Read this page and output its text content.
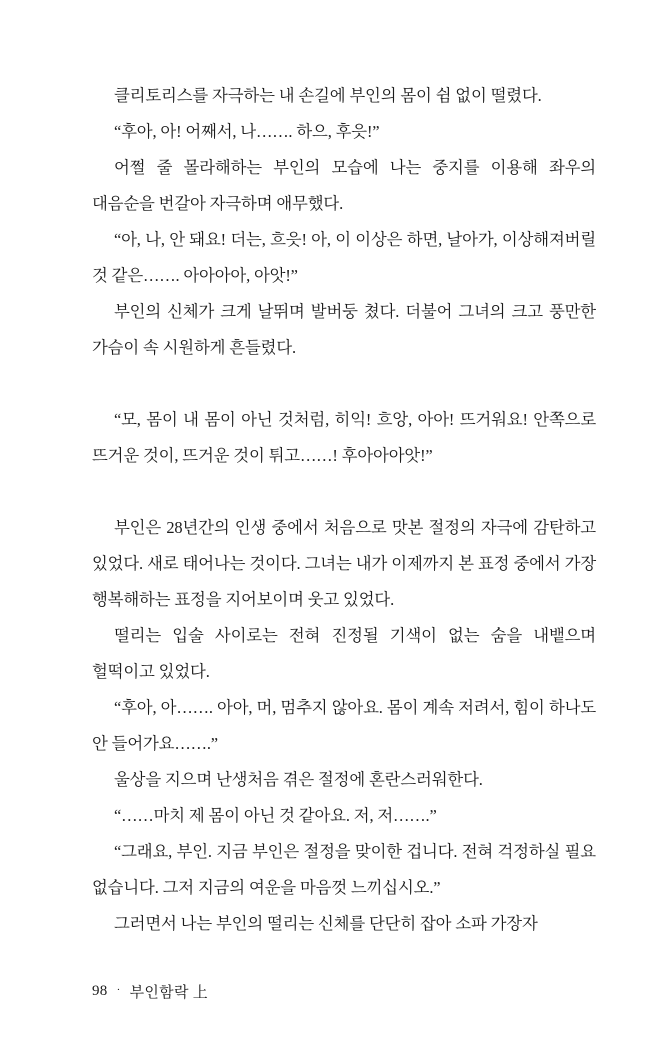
클리토리스를 자극하는 내 손길에 부인의 몸이 쉼 없이 떨렸다.

“후아, 아! 어째서, 나……. 하으, 후읏!”

어쩔 줄 몰라해하는 부인의 모습에 나는 중지를 이용해 좌우의 대음순을 번갈아 자극하며 애무했다.

“아, 나, 안 돼요! 더는, 흐읏! 아, 이 이상은 하면, 날아가, 이상해져버릴 것 같은……. 아아아아, 아앗!”

부인의 신체가 크게 날뛰며 발버둥 쳤다. 더불어 그녀의 크고 풍만한 가슴이 속 시원하게 흔들렸다.

“모, 몸이 내 몸이 아닌 것처럼, 히익! 흐앙, 아아! 뜨거워요! 안쪽으로 뜨거운 것이, 뜨거운 것이 튀고……! 후아아아앗!”

부인은 28년간의 인생 중에서 처음으로 맛본 절정의 자극에 감탄하고 있었다. 새로 태어나는 것이다. 그녀는 내가 이제까지 본 표정 중에서 가장 행복해하는 표정을 지어보이며 웃고 있었다.

떨리는 입술 사이로는 전혀 진정될 기색이 없는 숨을 내뱉으며 헐떡이고 있었다.

“후아, 아……. 아아, 머, 멈추지 않아요. 몸이 계속 저려서, 힘이 하나도 안 들어가요…….”

울상을 지으며 난생처음 겪은 절정에 혼란스러워한다.

“……마치 제 몸이 아닌 것 같아요. 저, 저…….”

“그래요, 부인. 지금 부인은 절정을 맞이한 겁니다. 전혀 걱정하실 필요 없습니다. 그저 지금의 여운을 마음껏 느끼십시오.”

그러면서 나는 부인의 떨리는 신체를 단단히 잡아 소파 가장자

98 · 부인함락 上
